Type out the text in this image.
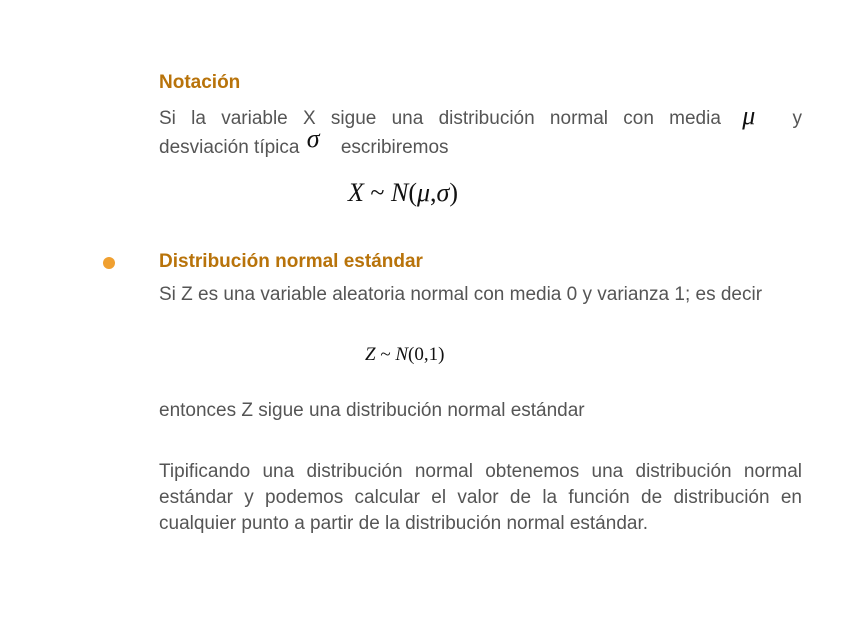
Notación
Si la variable X sigue una distribución normal con media μ y
desviación típica σ escribiremos
X ~ N(μ,σ)
Distribución normal estándar

Si Z es una variable aleatoria normal con media 0 y varianza 1; es decir

Z ~ N(0,1)

entonces Z sigue una distribución normal estándar

Tipificando una distribución normal obtenemos una distribución normal estándar y podemos calcular el valor de la función de distribución en cualquier punto a partir de la distribución normal estándar.
